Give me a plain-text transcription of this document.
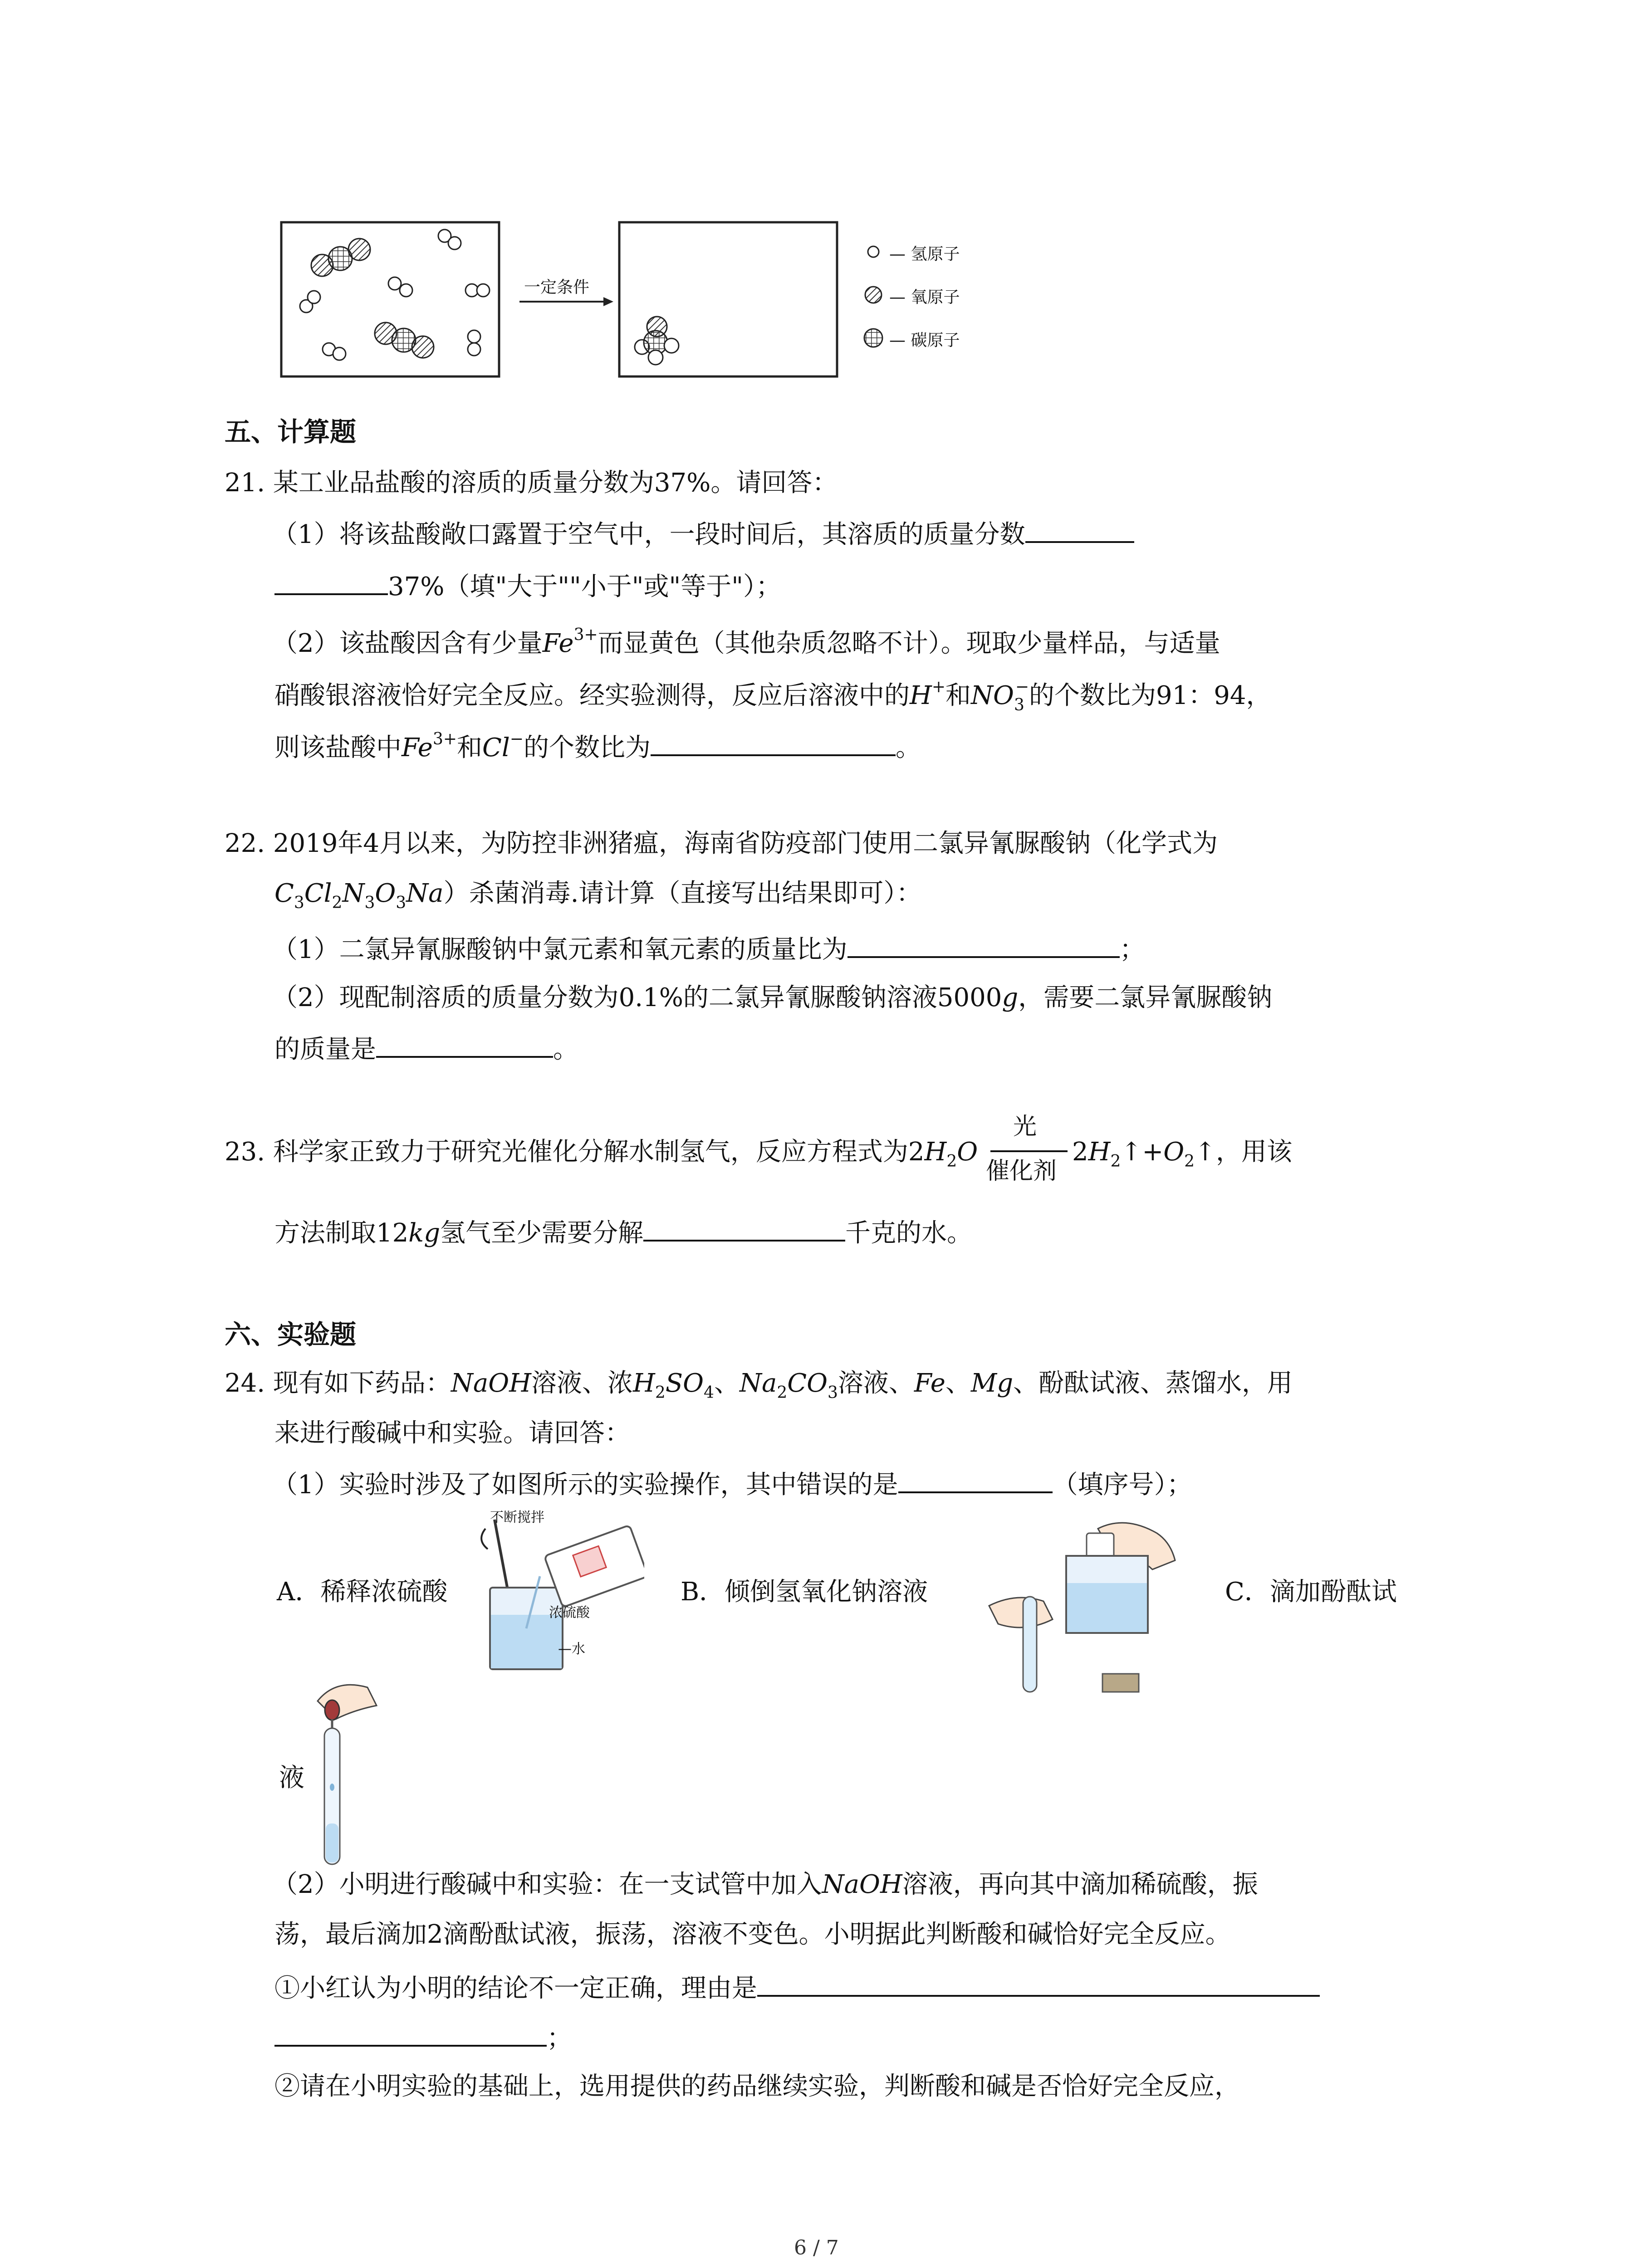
一定条件
— 氢原子
— 氧原子
— 碳原子
五、计算题
21. 某工业品盐酸的溶质的质量分数为37%。请回答：
（1）将该盐酸敞口露置于空气中，一段时间后，其溶质的质量分数
37%（填"大于""小于"或"等于"）；
（2）该盐酸因含有少量$Fe^{3+}$而显黄色（其他杂质忽略不计）。现取少量样品，与适量
硝酸银溶液恰好完全反应。经实验测得，反应后溶液中的H+和$NO_3^-$的个数比为91：94，
则该盐酸中$Fe^{3+}$和Cl−的个数比为	。
22. 2019年4月以来，为防控非洲猪瘟，海南省防疫部门使用二氯异氰脲酸钠（化学式为
$C_3Cl_2N_3O_3Na$）杀菌消毒.请计算（直接写出结果即可）：
（1）二氯异氰脲酸钠中氯元素和氧元素的质量比为	；
（2）现配制溶质的质量分数为0.1%的二氯异氰脲酸钠溶液5000g，需要二氯异氰脲酸钠
的质量是	。
23. 科学家正致力于研究光催化分解水制氢气，反应方程式为$2H_2O$
光
催化剂
$2H_2↑+O_2↑$，用该
方法制取12kg氢气至少需要分解	千克的水。
六、实验题
24. 现有如下药品：NaOH溶液、浓$H_2SO_4$、$Na_2CO_3$溶液、Fe、Mg、酚酞试液、蒸馏水，用
来进行酸碱中和实验。请回答：
（1）实验时涉及了如图所示的实验操作，其中错误的是	（填序号）；
A．稀释浓硫酸	B．倾倒氢氧化钠溶液	C．滴加酚酞试
不断搅拌
浓硫酸
—水
液
（2）小明进行酸碱中和实验：在一支试管中加入NaOH溶液，再向其中滴加稀硫酸，振
荡，最后滴加2滴酚酞试液，振荡，溶液不变色。小明据此判断酸和碱恰好完全反应。
①小红认为小明的结论不一定正确，理由是
；
②请在小明实验的基础上，选用提供的药品继续实验，判断酸和碱是否恰好完全反应，
6 / 7
